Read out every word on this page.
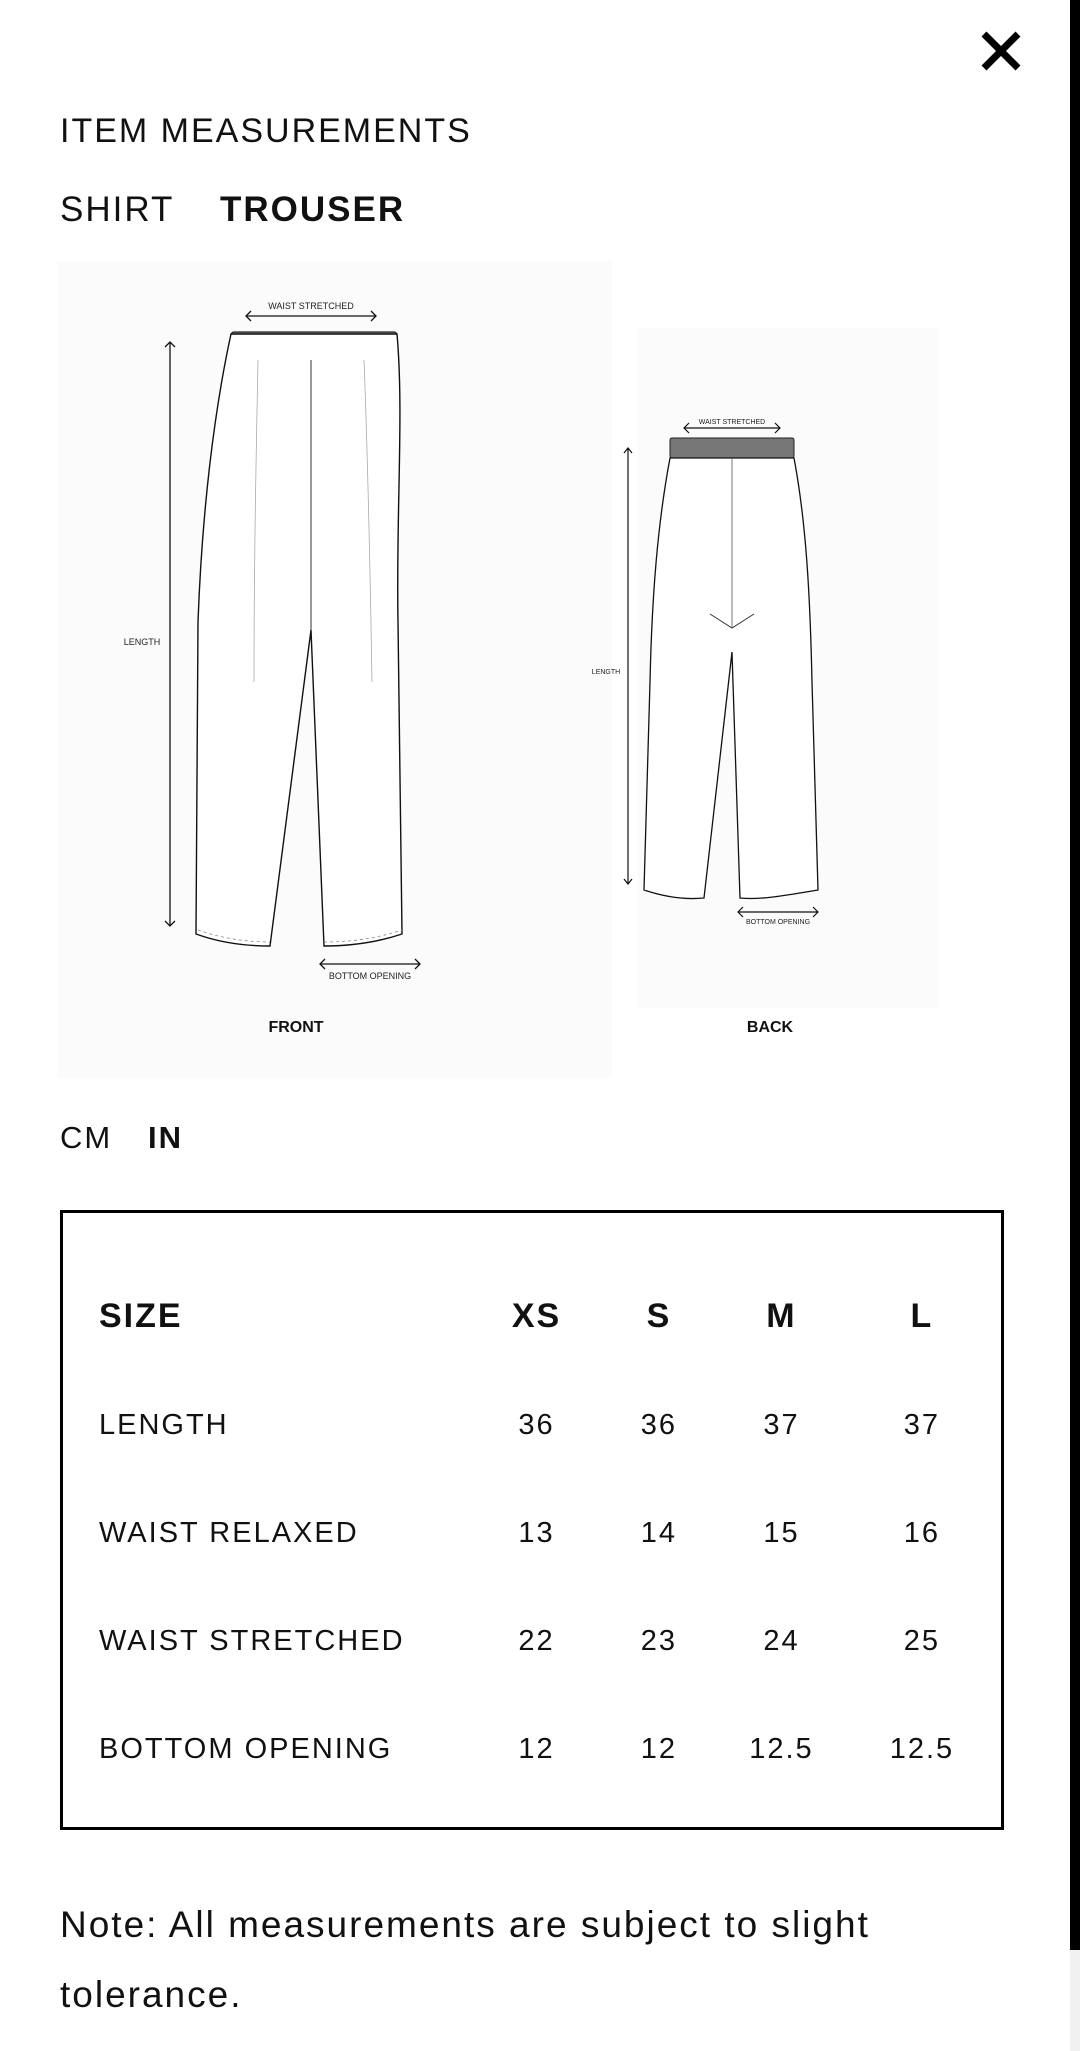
ITEM MEASUREMENTS
SHIRT TROUSER
WAIST STRETCHED
LENGTH
BOTTOM OPENING
FRONT
WAIST STRETCHED
LENGTH
BOTTOM OPENING
BACK
CM IN
SIZE	XS	S	M	L
LENGTH	36	36	37	37
WAIST RELAXED	13	14	15	16
WAIST STRETCHED	22	23	24	25
BOTTOM OPENING	12	12	12.5	12.5
Note: All measurements are subject to slight tolerance.
